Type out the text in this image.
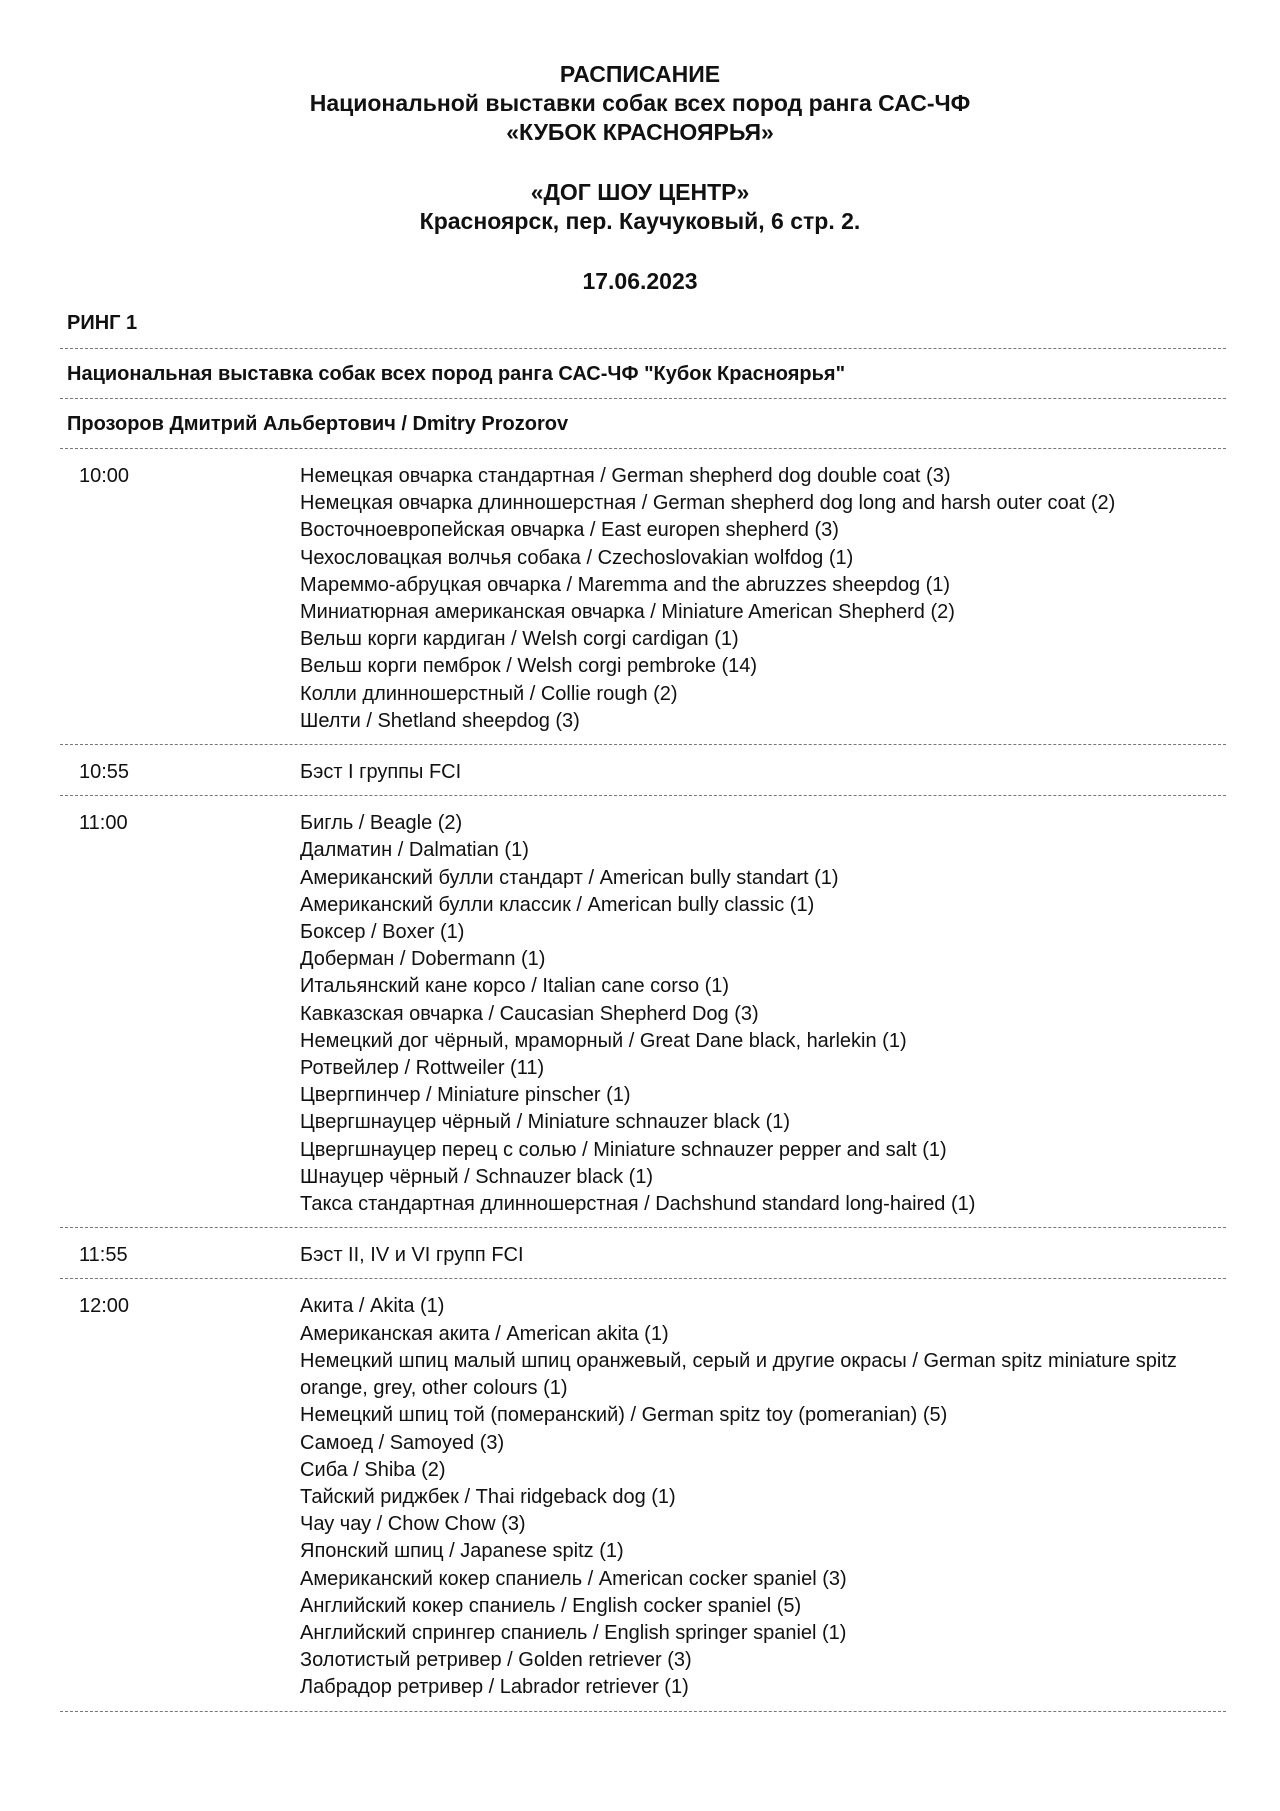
РАСПИСАНИЕ
Национальной выставки собак всех пород ранга САС-ЧФ
«КУБОК КРАСНОЯРЬЯ»
«ДОГ ШОУ ЦЕНТР»
Красноярск, пер. Каучуковый, 6 стр. 2.
17.06.2023
РИНГ 1
Национальная выставка собак всех пород ранга САС-ЧФ "Кубок Красноярья"
Прозоров Дмитрий Альбертович / Dmitry Prozorov
10:00	Немецкая овчарка стандартная / German shepherd dog double coat (3)
Немецкая овчарка длинношерстная / German shepherd dog long and harsh outer coat (2)
Восточноевропейская овчарка / East europen shepherd (3)
Чехословацкая волчья собака / Czechoslovakian wolfdog (1)
Мареммо-абруцкая овчарка / Maremma and the abruzzes sheepdog (1)
Миниатюрная американская овчарка / Miniature American Shepherd (2)
Вельш корги кардиган / Welsh corgi cardigan (1)
Вельш корги пемброк / Welsh corgi pembroke (14)
Колли длинношерстный / Collie rough (2)
Шелти / Shetland sheepdog (3)
10:55	Бэст I группы FCI
11:00	Бигль / Beagle (2)
Далматин / Dalmatian (1)
Американский булли стандарт / American bully standart (1)
Американский булли классик / American bully classic (1)
Боксер / Boxer (1)
Доберман / Dobermann (1)
Итальянский кане корсо / Italian cane corso (1)
Кавказская овчарка / Caucasian Shepherd Dog (3)
Немецкий дог чёрный, мраморный / Great Dane black, harlekin (1)
Ротвейлер / Rottweiler (11)
Цвергпинчер / Miniature pinscher (1)
Цвергшнауцер чёрный / Miniature schnauzer black (1)
Цвергшнауцер перец с солью / Miniature schnauzer pepper and salt (1)
Шнауцер чёрный / Schnauzer black (1)
Такса стандартная длинношерстная / Dachshund standard long-haired (1)
11:55	Бэст II, IV и VI групп FCI
12:00	Акита / Akita (1)
Американская акита / American akita (1)
Немецкий шпиц малый шпиц оранжевый, серый и другие окрасы / German spitz miniature spitz orange, grey, other colours (1)
Немецкий шпиц той (померанский) / German spitz toy (pomeranian) (5)
Самоед / Samoyed (3)
Сиба / Shiba (2)
Тайский риджбек / Thai ridgeback dog (1)
Чау чау / Chow Chow (3)
Японский шпиц / Japanese spitz (1)
Американский кокер спаниель / American cocker spaniel (3)
Английский кокер спаниель / English cocker spaniel (5)
Английский спрингер спаниель / English springer spaniel (1)
Золотистый ретривер / Golden retriever (3)
Лабрадор ретривер / Labrador retriever (1)
